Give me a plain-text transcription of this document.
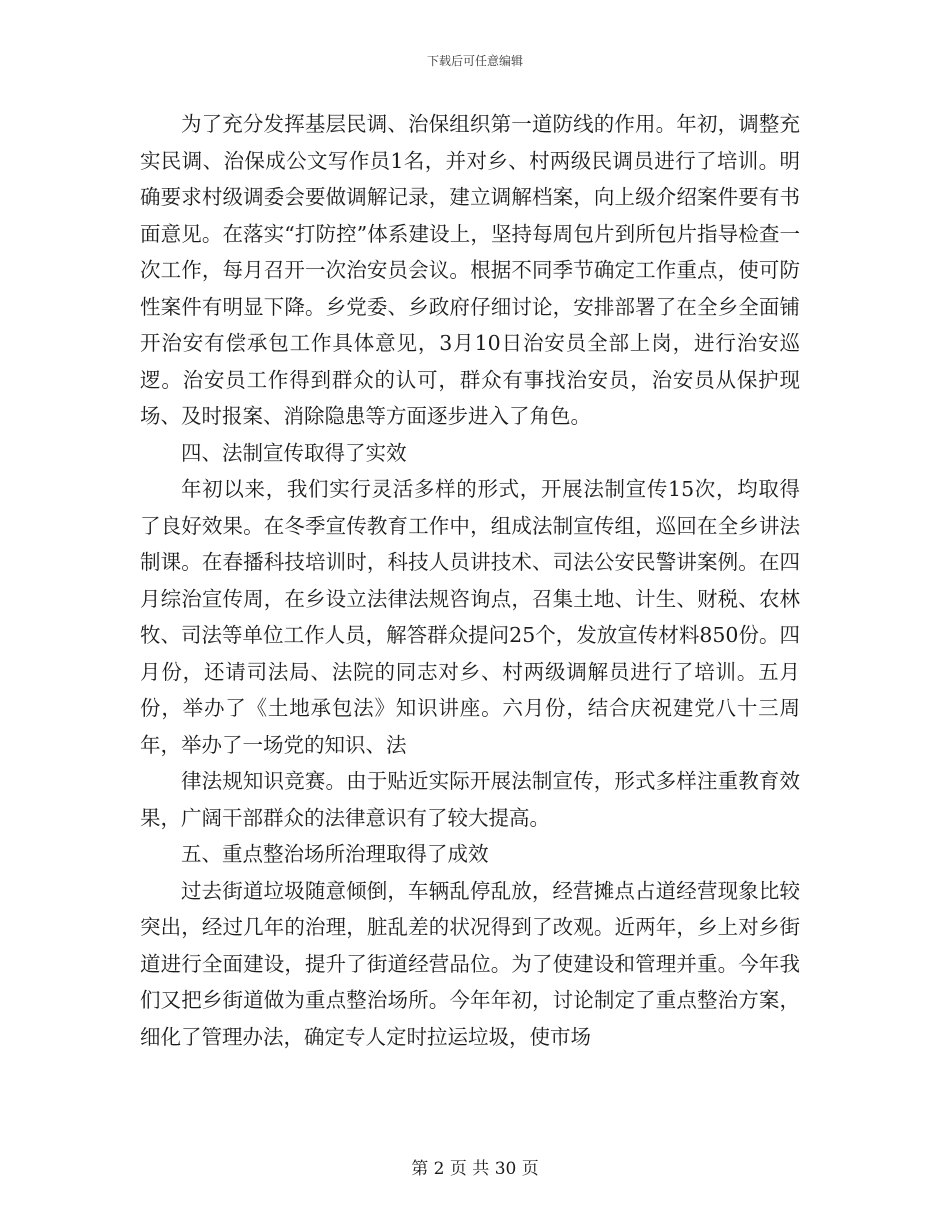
下载后可任意编辑

为了充分发挥基层民调、治保组织第一道防线的作用。年初，调整充实民调、治保成公文写作员1名，并对乡、村两级民调员进行了培训。明确要求村级调委会要做调解记录，建立调解档案，向上级介绍案件要有书面意见。在落实“打防控”体系建设上，坚持每周包片到所包片指导检查一次工作，每月召开一次治安员会议。根据不同季节确定工作重点，使可防性案件有明显下降。乡党委、乡政府仔细讨论，安排部署了在全乡全面铺开治安有偿承包工作具体意见，3月10日治安员全部上岗，进行治安巡逻。治安员工作得到群众的认可，群众有事找治安员，治安员从保护现场、及时报案、消除隐患等方面逐步进入了角色。

四、法制宣传取得了实效

年初以来，我们实行灵活多样的形式，开展法制宣传15次，均取得了良好效果。在冬季宣传教育工作中，组成法制宣传组，巡回在全乡讲法制课。在春播科技培训时，科技人员讲技术、司法公安民警讲案例。在四月综治宣传周，在乡设立法律法规咨询点，召集土地、计生、财税、农林牧、司法等单位工作人员，解答群众提问25个，发放宣传材料850份。四月份，还请司法局、法院的同志对乡、村两级调解员进行了培训。五月份，举办了《土地承包法》知识讲座。六月份，结合庆祝建党八十三周年，举办了一场党的知识、法

律法规知识竞赛。由于贴近实际开展法制宣传，形式多样注重教育效果，广阔干部群众的法律意识有了较大提高。

五、重点整治场所治理取得了成效

过去街道垃圾随意倾倒，车辆乱停乱放，经营摊点占道经营现象比较突出，经过几年的治理，脏乱差的状况得到了改观。近两年，乡上对乡街道进行全面建设，提升了街道经营品位。为了使建设和管理并重。今年我们又把乡街道做为重点整治场所。今年年初，讨论制定了重点整治方案，细化了管理办法，确定专人定时拉运垃圾，使市场

第 2 页 共 30 页
